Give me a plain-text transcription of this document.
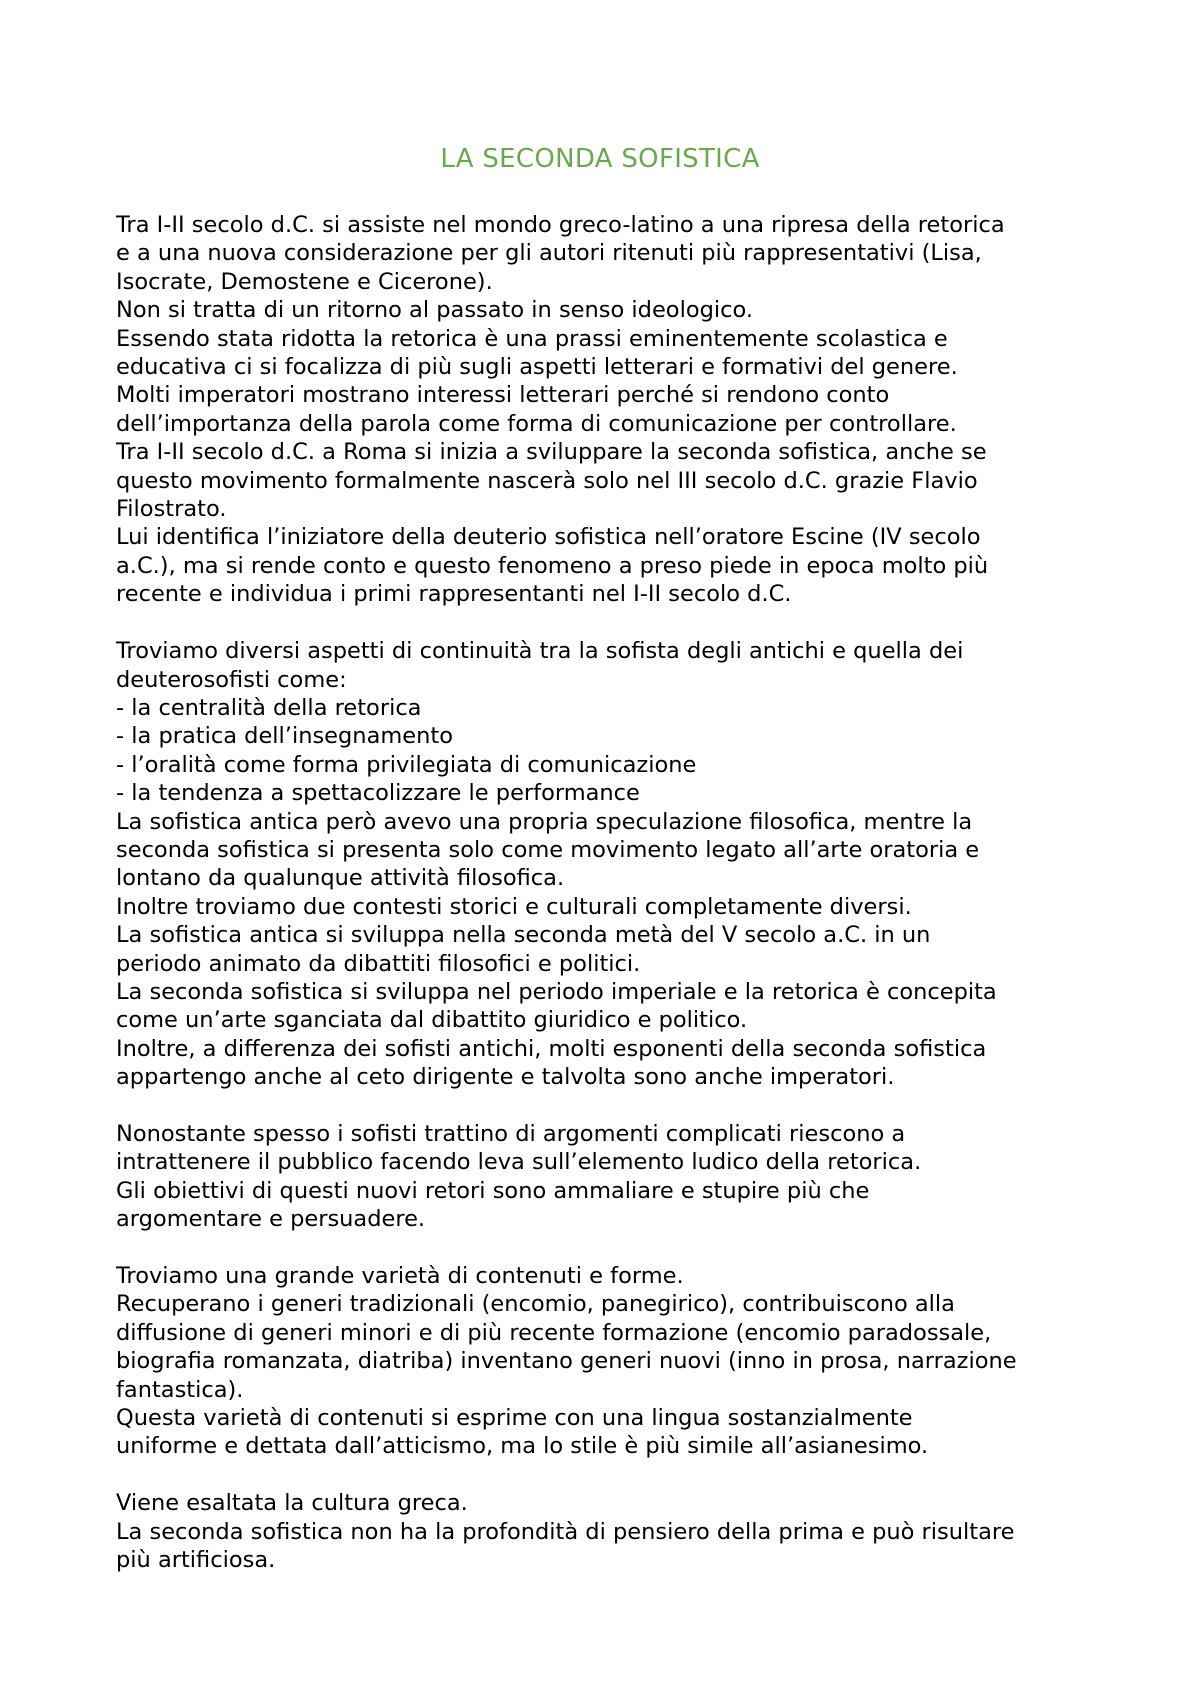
LA SECONDA SOFISTICA
Tra I-II secolo d.C. si assiste nel mondo greco-latino a una ripresa della retorica
e a una nuova considerazione per gli autori ritenuti più rappresentativi (Lisa,
Isocrate, Demostene e Cicerone).
Non si tratta di un ritorno al passato in senso ideologico.
Essendo stata ridotta la retorica è una prassi eminentemente scolastica e
educativa ci si focalizza di più sugli aspetti letterari e formativi del genere.
Molti imperatori mostrano interessi letterari perché si rendono conto
dell’importanza della parola come forma di comunicazione per controllare.
Tra I-II secolo d.C. a Roma si inizia a sviluppare la seconda sofistica, anche se
questo movimento formalmente nascerà solo nel III secolo d.C. grazie Flavio
Filostrato.
Lui identifica l’iniziatore della deuterio sofistica nell’oratore Escine (IV secolo
a.C.), ma si rende conto e questo fenomeno a preso piede in epoca molto più
recente e individua i primi rappresentanti nel I-II secolo d.C.

Troviamo diversi aspetti di continuità tra la sofista degli antichi e quella dei
deuterosofisti come:
- la centralità della retorica
- la pratica dell’insegnamento
- l’oralità come forma privilegiata di comunicazione
- la tendenza a spettacolizzare le performance
La sofistica antica però avevo una propria speculazione filosofica, mentre la
seconda sofistica si presenta solo come movimento legato all’arte oratoria e
lontano da qualunque attività filosofica.
Inoltre troviamo due contesti storici e culturali completamente diversi.
La sofistica antica si sviluppa nella seconda metà del V secolo a.C. in un
periodo animato da dibattiti filosofici e politici.
La seconda sofistica si sviluppa nel periodo imperiale e la retorica è concepita
come un’arte sganciata dal dibattito giuridico e politico.
Inoltre, a differenza dei sofisti antichi, molti esponenti della seconda sofistica
appartengo anche al ceto dirigente e talvolta sono anche imperatori.

Nonostante spesso i sofisti trattino di argomenti complicati riescono a
intrattenere il pubblico facendo leva sull’elemento ludico della retorica.
Gli obiettivi di questi nuovi retori sono ammaliare e stupire più che
argomentare e persuadere.

Troviamo una grande varietà di contenuti e forme.
Recuperano i generi tradizionali (encomio, panegirico), contribuiscono alla
diffusione di generi minori e di più recente formazione (encomio paradossale,
biografia romanzata, diatriba) inventano generi nuovi (inno in prosa, narrazione
fantastica).
Questa varietà di contenuti si esprime con una lingua sostanzialmente
uniforme e dettata dall’atticismo, ma lo stile è più simile all’asianesimo.

Viene esaltata la cultura greca.
La seconda sofistica non ha la profondità di pensiero della prima e può risultare
più artificiosa.
